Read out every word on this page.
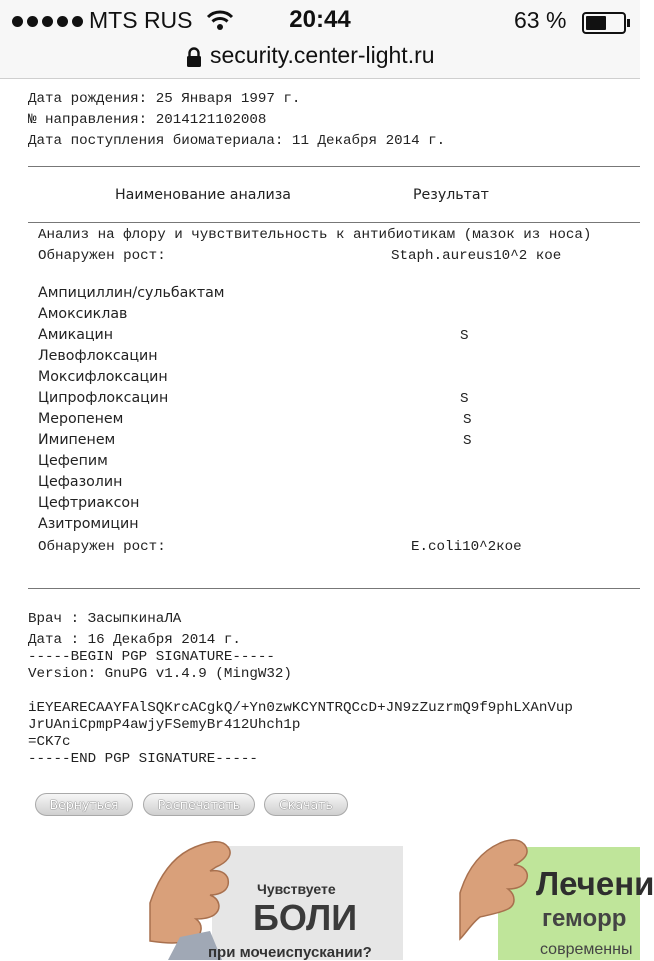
MTS RUS	20:44	63 %
security.center-light.ru
Дата рождения: 25 Января 1997 г.
№ направления: 2014121102008
Дата поступления биоматериала: 11 Декабря 2014 г.
Наименование анализа	Результат
Анализ на флору и чувствительность к антибиотикам (мазок из носа)
Обнаружен рост:	Staph.aureus10^2 кое
Ампициллин/сульбактам
Амоксиклав
Амикацин	S
Левофлоксацин
Моксифлоксацин
Ципрофлоксацин	S
Меропенем	S
Имипенем	S
Цефепим
Цефазолин
Цефтриаксон
Азитромицин
Обнаружен рост:	E.coli10^2кое
Врач : ЗасыпкинаЛА
Дата : 16 Декабря 2014 г.
-----BEGIN PGP SIGNATURE-----
Version: GnuPG v1.4.9 (MingW32)
iEYEARECAAYFAlSQKrcACgkQ/+Yn0zwKCYNTRQCcD+JN9zZuzrmQ9f9phLXAnVup
JrUAniCpmpP4awjyFSemyBr412Uhch1p
=CK7c
-----END PGP SIGNATURE-----
Вернуться	Распечатать	Скачать
Чувствуете
БОЛИ
при мочеиспускании?
Лечени
геморр
современны
